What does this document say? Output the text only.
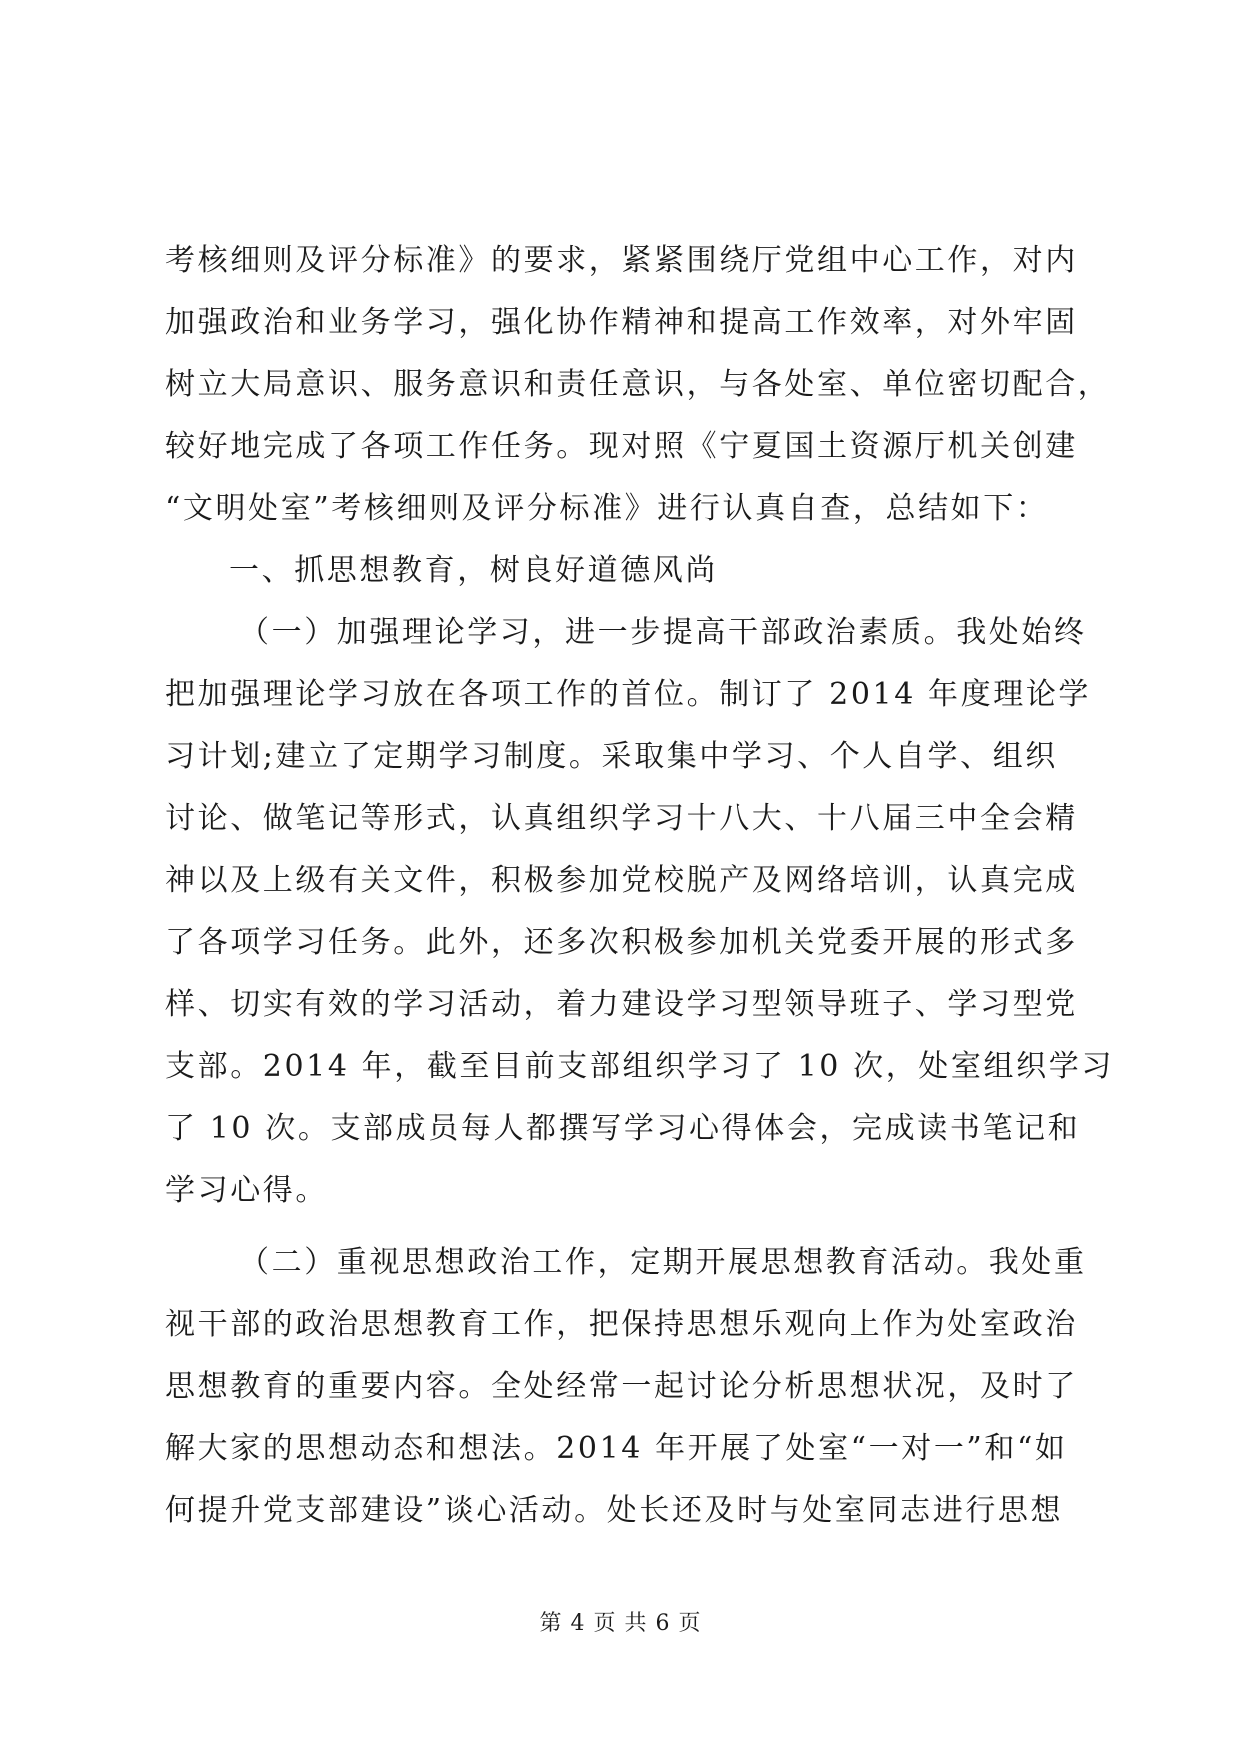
考核细则及评分标准》的要求，紧紧围绕厅党组中心工作，对内
加强政治和业务学习，强化协作精神和提高工作效率，对外牢固
树立大局意识、服务意识和责任意识，与各处室、单位密切配合，
较好地完成了各项工作任务。现对照《宁夏国土资源厅机关创建
“文明处室”考核细则及评分标准》进行认真自查，总结如下：
一、抓思想教育，树良好道德风尚
（一）加强理论学习，进一步提高干部政治素质。我处始终
把加强理论学习放在各项工作的首位。制订了 2014 年度理论学
习计划;建立了定期学习制度。采取集中学习、个人自学、组织
讨论、做笔记等形式，认真组织学习十八大、十八届三中全会精
神以及上级有关文件，积极参加党校脱产及网络培训，认真完成
了各项学习任务。此外，还多次积极参加机关党委开展的形式多
样、切实有效的学习活动，着力建设学习型领导班子、学习型党
支部。2014 年，截至目前支部组织学习了 10 次，处室组织学习
了 10 次。支部成员每人都撰写学习心得体会，完成读书笔记和
学习心得。
（二）重视思想政治工作，定期开展思想教育活动。我处重
视干部的政治思想教育工作，把保持思想乐观向上作为处室政治
思想教育的重要内容。全处经常一起讨论分析思想状况，及时了
解大家的思想动态和想法。2014 年开展了处室“一对一”和“如
何提升党支部建设”谈心活动。处长还及时与处室同志进行思想
第 4 页 共 6 页
